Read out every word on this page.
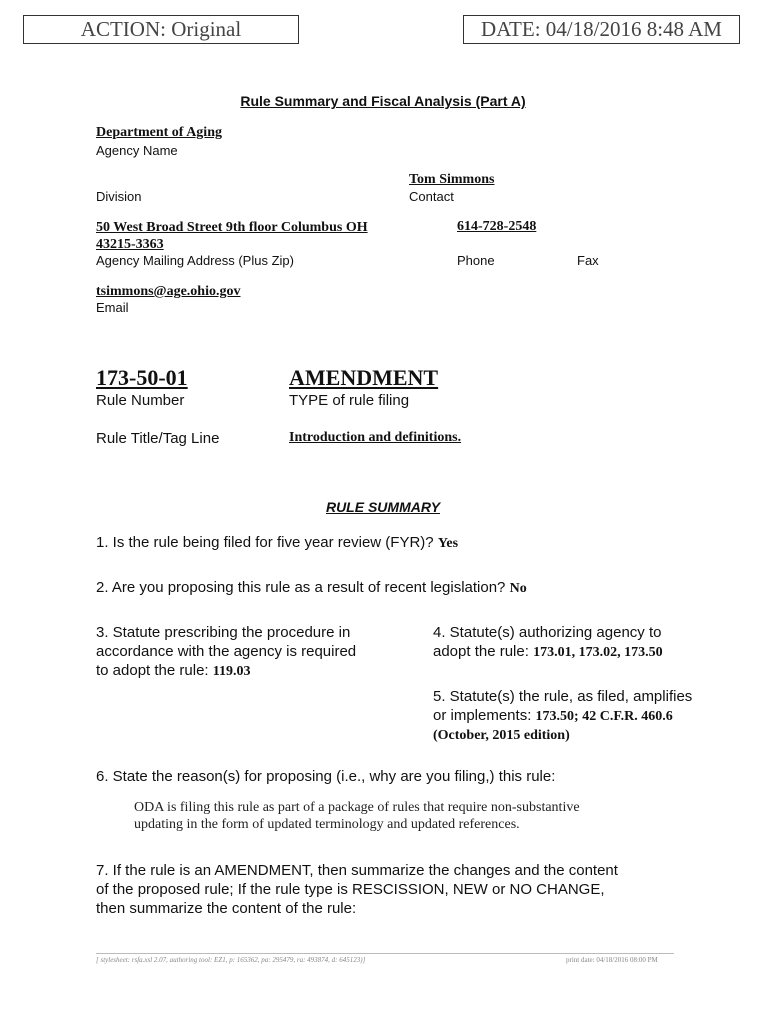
ACTION: Original	DATE: 04/18/2016 8:48 AM
Rule Summary and Fiscal Analysis (Part A)
Department of Aging
Agency Name
Tom Simmons
Division	Contact
50 West Broad Street 9th floor Columbus OH
43215-3363
614-728-2548
Agency Mailing Address (Plus Zip)	Phone	Fax
tsimmons@age.ohio.gov
Email
173-50-01	AMENDMENT
Rule Number	TYPE of rule filing
Rule Title/Tag Line	Introduction and definitions.
RULE SUMMARY
1. Is the rule being filed for five year review (FYR)? Yes
2. Are you proposing this rule as a result of recent legislation? No
3. Statute prescribing the procedure in
accordance with the agency is required
to adopt the rule: 119.03
4. Statute(s) authorizing agency to
adopt the rule: 173.01, 173.02, 173.50
5. Statute(s) the rule, as filed, amplifies
or implements: 173.50; 42 C.F.R. 460.6
(October, 2015 edition)
6. State the reason(s) for proposing (i.e., why are you filing,) this rule:
ODA is filing this rule as part of a package of rules that require non-substantive
updating in the form of updated terminology and updated references.
7. If the rule is an AMENDMENT, then summarize the changes and the content
of the proposed rule; If the rule type is RESCISSION, NEW or NO CHANGE,
then summarize the content of the rule:
[ stylesheet: rsfa.xsl 2.07, authoring tool: EZ1, p: 165362, pa: 295479, ra: 493874, d: 645123)]	print date: 04/18/2016 08:00 PM
